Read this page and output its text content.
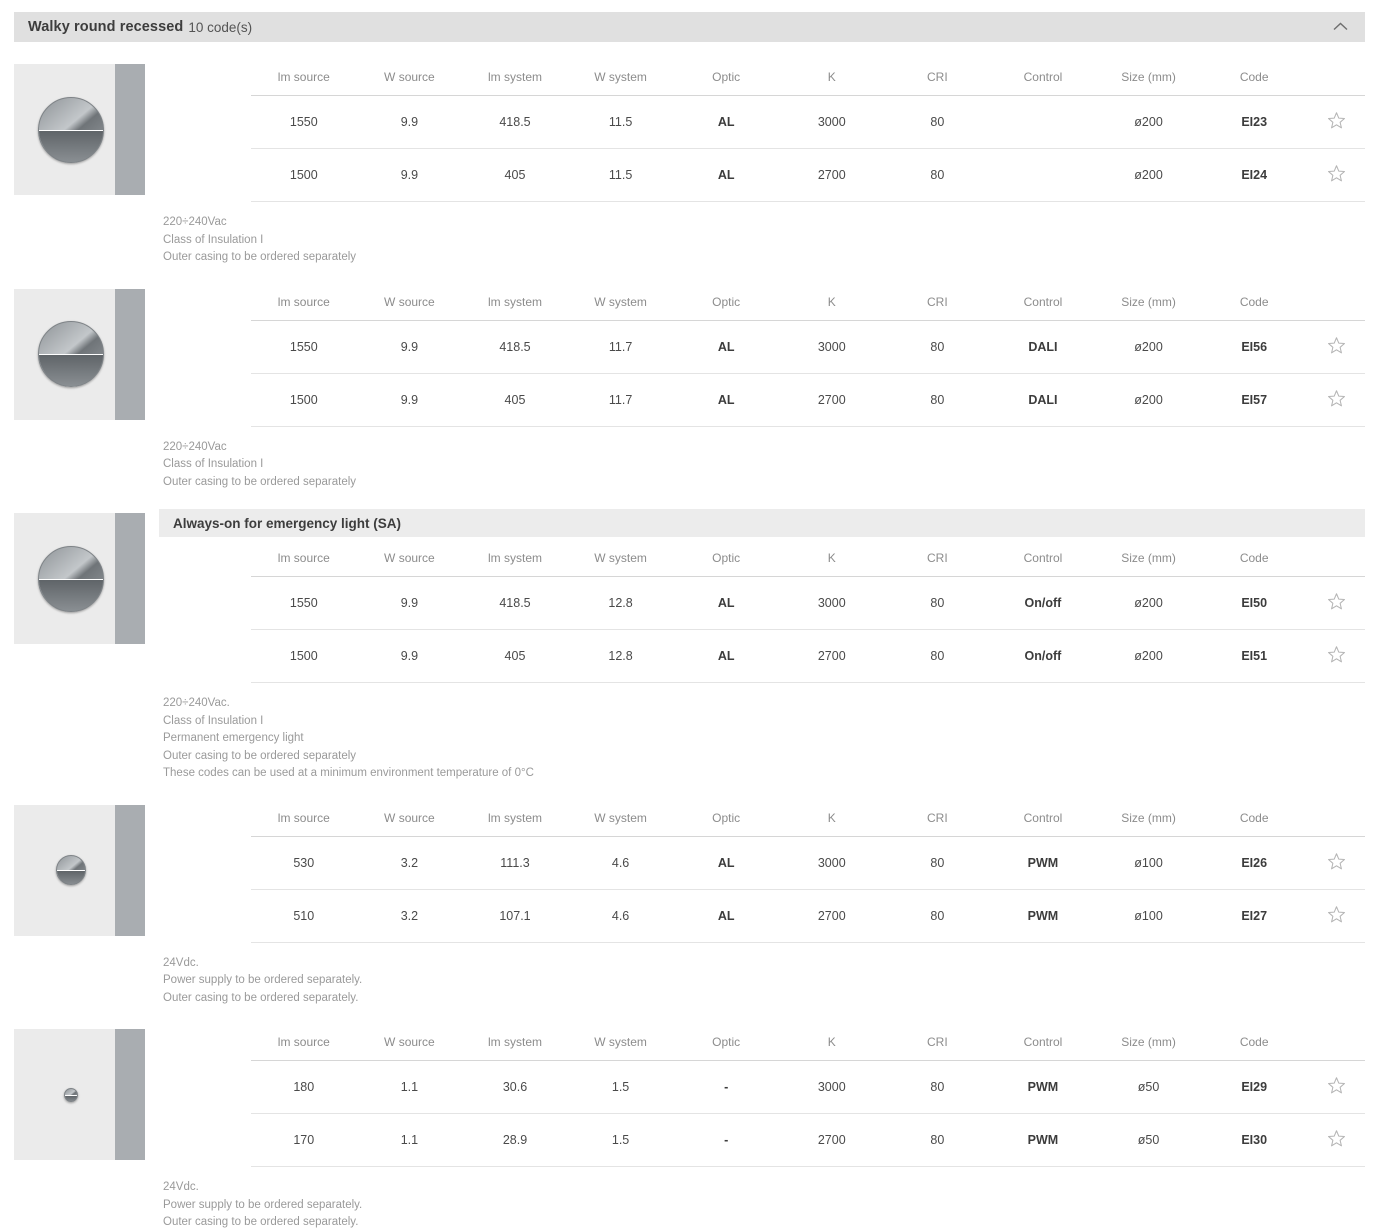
Walky round recessed 10 code(s)
	lm source	W source	lm system	W system	Optic	K	CRI	Control	Size (mm)	Code	
	1550	9.9	418.5	11.5	AL	3000	80		ø200	EI23	

	1500	9.9	405	11.5	AL	2700	80		ø200	EI24	
220÷240Vac
Class of Insulation I
Outer casing to be ordered separately
	lm source	W source	lm system	W system	Optic	K	CRI	Control	Size (mm)	Code	
	1550	9.9	418.5	11.7	AL	3000	80	DALI	ø200	EI56	

	1500	9.9	405	11.7	AL	2700	80	DALI	ø200	EI57	
220÷240Vac
Class of Insulation I
Outer casing to be ordered separately
Always-on for emergency light (SA)
	lm source	W source	lm system	W system	Optic	K	CRI	Control	Size (mm)	Code	
	1550	9.9	418.5	12.8	AL	3000	80	On/off	ø200	EI50	

	1500	9.9	405	12.8	AL	2700	80	On/off	ø200	EI51	
220÷240Vac.
Class of Insulation I
Permanent emergency light
Outer casing to be ordered separately
These codes can be used at a minimum environment temperature of 0°C
	lm source	W source	lm system	W system	Optic	K	CRI	Control	Size (mm)	Code	
	530	3.2	111.3	4.6	AL	3000	80	PWM	ø100	EI26	

	510	3.2	107.1	4.6	AL	2700	80	PWM	ø100	EI27	
24Vdc.
Power supply to be ordered separately.
Outer casing to be ordered separately.
	lm source	W source	lm system	W system	Optic	K	CRI	Control	Size (mm)	Code	
	180	1.1	30.6	1.5	-	3000	80	PWM	ø50	EI29	

	170	1.1	28.9	1.5	-	2700	80	PWM	ø50	EI30	
24Vdc.
Power supply to be ordered separately.
Outer casing to be ordered separately.
